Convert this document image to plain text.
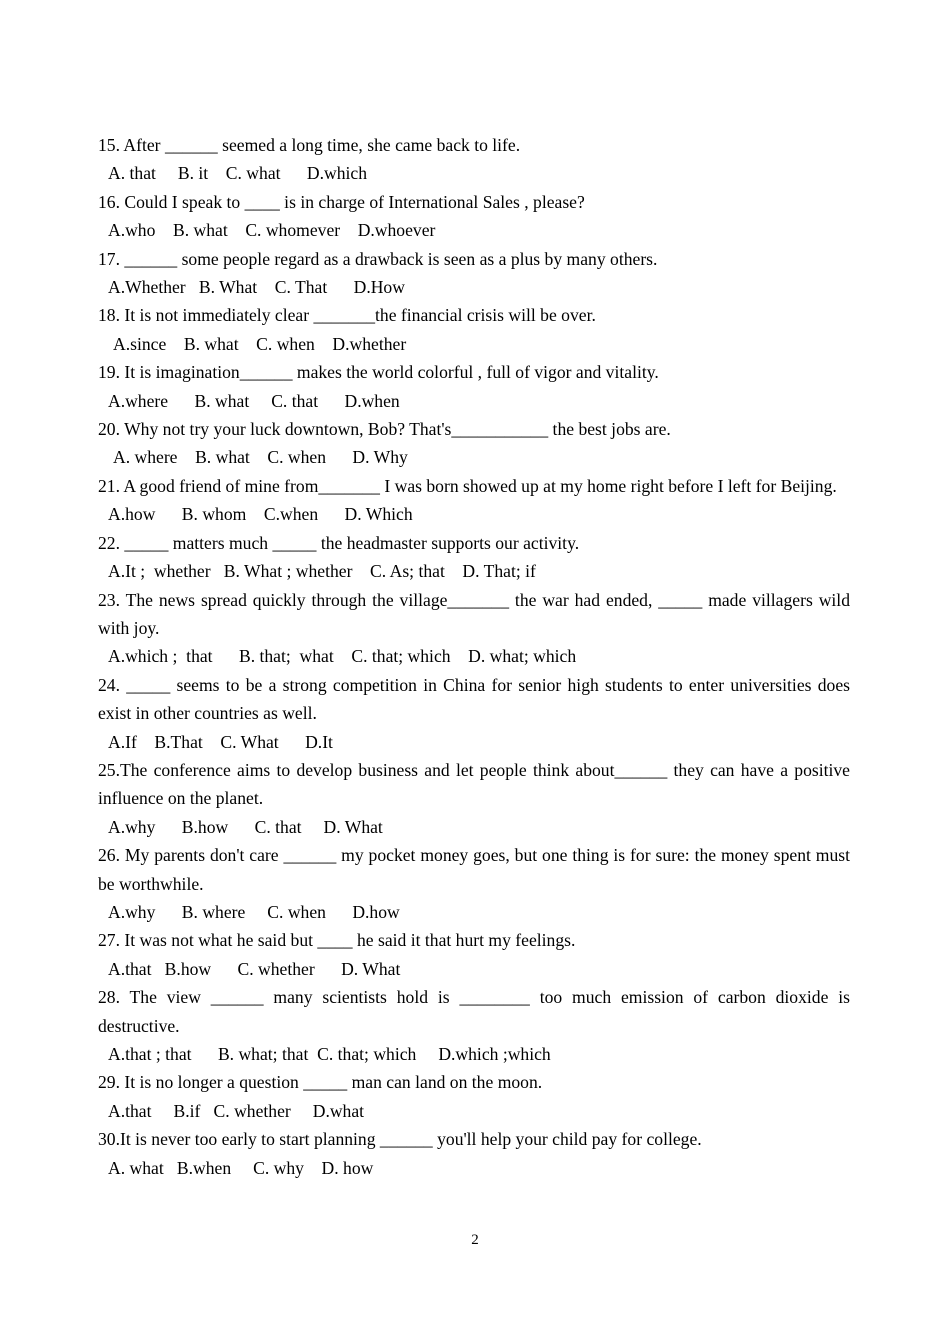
15. After ______ seemed a long time, she came back to life.
A. that     B. it    C. what      D.which
16. Could I speak to ____ is in charge of International Sales , please?
A.who    B. what    C. whomever    D.whoever
17. ______ some people regard as a drawback is seen as a plus by many others.
A.Whether   B. What    C. That      D.How
18. It is not immediately clear _______the financial crisis will be over.
A.since    B. what    C. when    D.whether
19. It is imagination______ makes the world colorful , full of vigor and vitality.
A.where      B. what     C. that      D.when
20. Why not try your luck downtown, Bob? That's___________ the best jobs are.
A. where    B. what    C. when      D. Why
21. A good friend of mine from_______ I was born showed up at my home right before I left for Beijing.
A.how      B. whom    C.when      D. Which
22. _____ matters much _____ the headmaster supports our activity.
A.It ;  whether   B. What ; whether    C. As; that    D. That; if
23. The news spread quickly through the village_______ the war had ended, _____ made villagers wild with joy.
A.which ;  that      B. that;  what    C. that; which    D. what; which
24. _____ seems to be a strong competition in China for senior high students to enter universities does exist in other countries as well.
A.If    B.That    C. What      D.It
25.The conference aims to develop business and let people think about______ they can have a positive influence on the planet.
A.why      B.how      C. that     D. What
26. My parents don't care ______ my pocket money goes, but one thing is for sure: the money spent must be worthwhile.
A.why      B. where     C. when      D.how
27. It was not what he said but ____ he said it that hurt my feelings.
A.that   B.how      C. whether      D. What
28. The view ______ many scientists hold is ________ too much emission of carbon dioxide is destructive.
A.that ; that      B. what; that  C. that; which     D.which ;which
29. It is no longer a question _____ man can land on the moon.
A.that     B.if   C. whether     D.what
30.It is never too early to start planning ______ you'll help your child pay for college.
A. what   B.when     C. why    D. how
2
